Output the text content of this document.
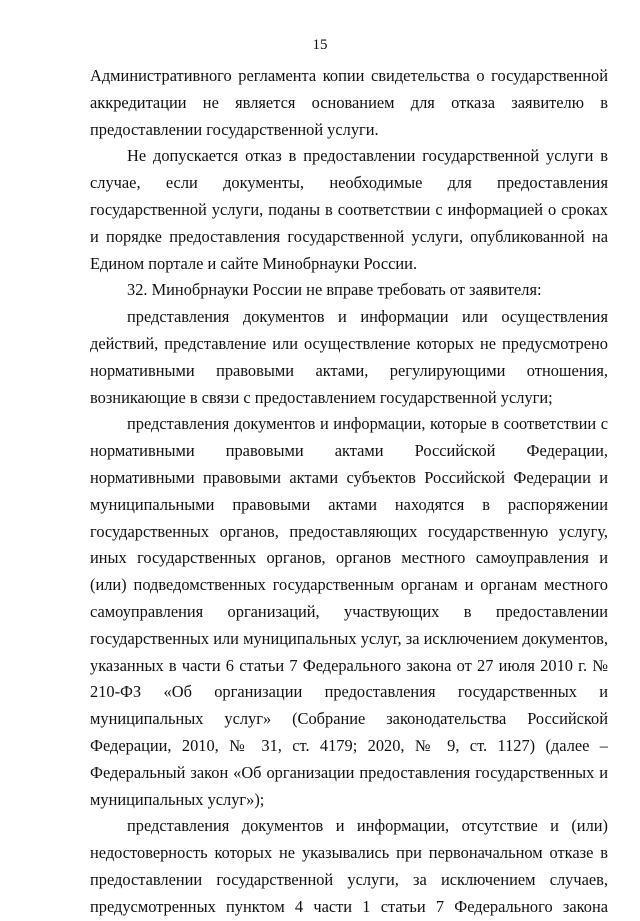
15

Административного регламента копии свидетельства о государственной аккредитации не является основанием для отказа заявителю в предоставлении государственной услуги.

Не допускается отказ в предоставлении государственной услуги в случае, если документы, необходимые для предоставления государственной услуги, поданы в соответствии с информацией о сроках и порядке предоставления государственной услуги, опубликованной на Едином портале и сайте Минобрнауки России.

32. Минобрнауки России не вправе требовать от заявителя:

представления документов и информации или осуществления действий, представление или осуществление которых не предусмотрено нормативными правовыми актами, регулирующими отношения, возникающие в связи с предоставлением государственной услуги;

представления документов и информации, которые в соответствии с нормативными правовыми актами Российской Федерации, нормативными правовыми актами субъектов Российской Федерации и муниципальными правовыми актами находятся в распоряжении государственных органов, предоставляющих государственную услугу, иных государственных органов, органов местного самоуправления и (или) подведомственных государственным органам и органам местного самоуправления организаций, участвующих в предоставлении государственных или муниципальных услуг, за исключением документов, указанных в части 6 статьи 7 Федерального закона от 27 июля 2010 г. № 210-ФЗ «Об организации предоставления государственных и муниципальных услуг» (Собрание законодательства Российской Федерации, 2010, № 31, ст. 4179; 2020, № 9, ст. 1127) (далее – Федеральный закон «Об организации предоставления государственных и муниципальных услуг»);

представления документов и информации, отсутствие и (или) недостоверность которых не указывались при первоначальном отказе в предоставлении государственной услуги, за исключением случаев, предусмотренных пунктом 4 части 1 статьи 7 Федерального закона
